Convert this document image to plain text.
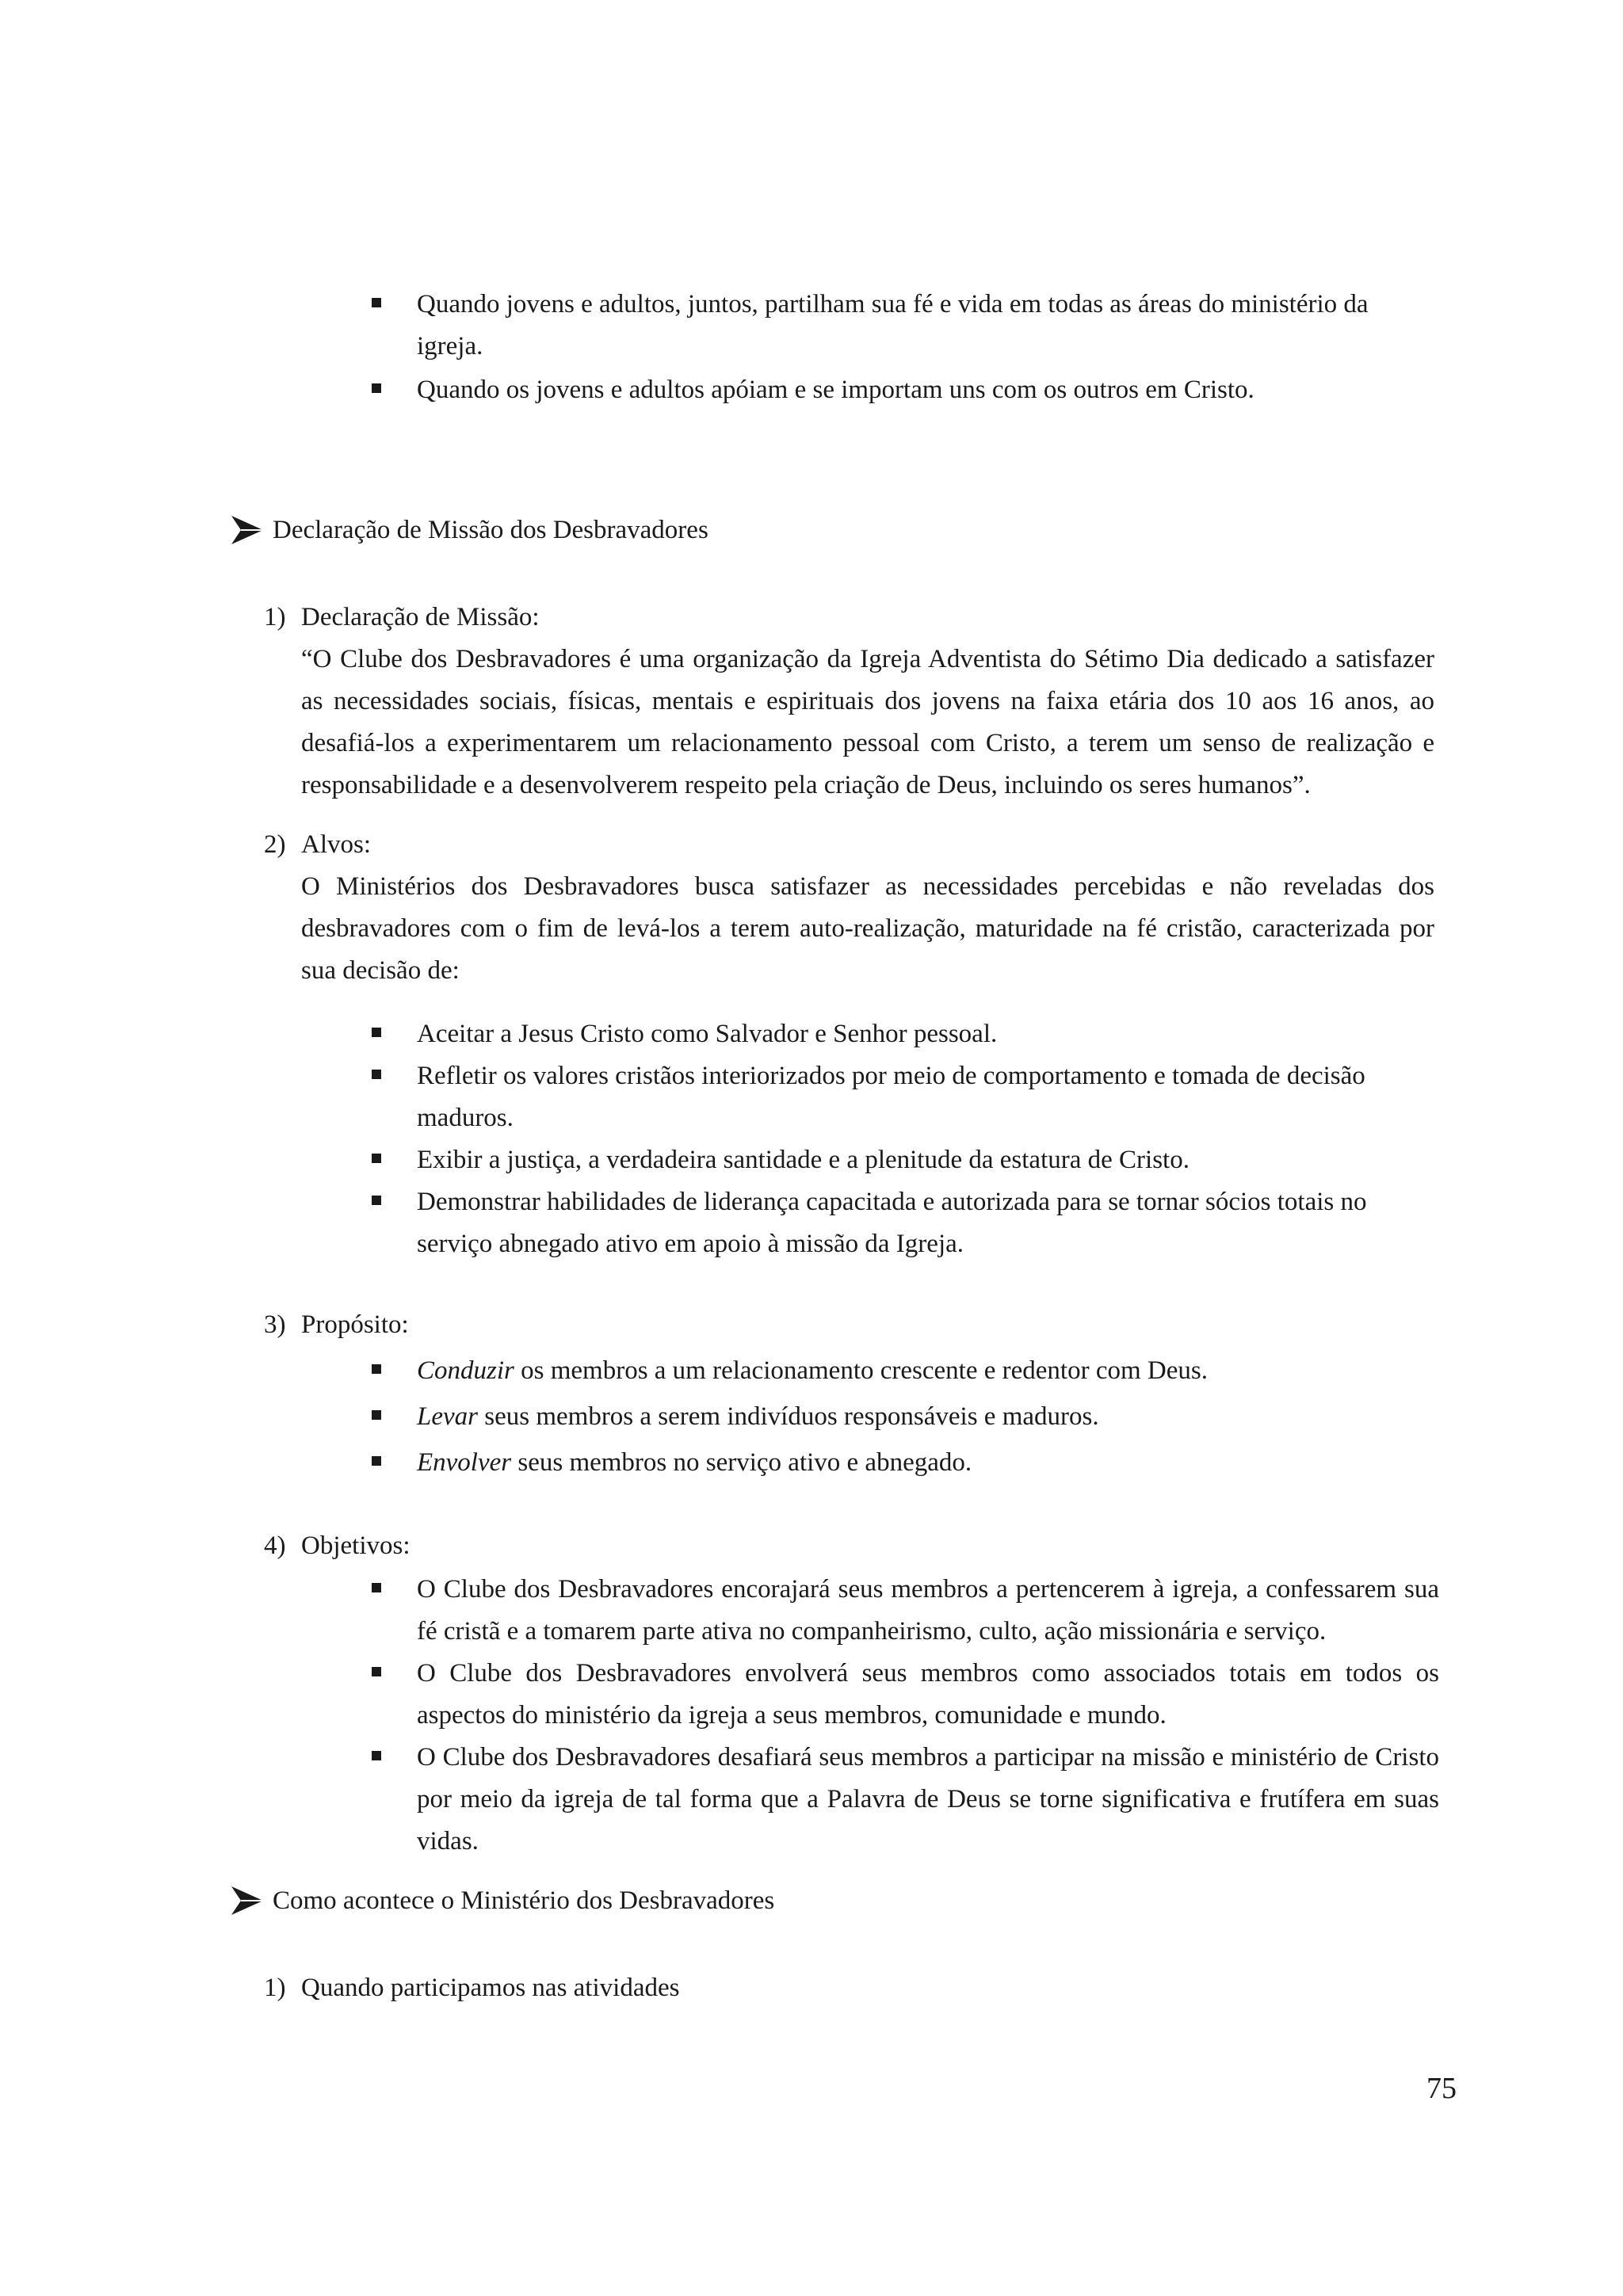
Quando jovens e adultos, juntos, partilham sua fé e vida em todas as áreas do ministério da igreja.
Quando os jovens e adultos apóiam e se importam uns com os outros em Cristo.
Declaração de Missão dos Desbravadores
1) Declaração de Missão:
“O Clube dos Desbravadores é uma organização da Igreja Adventista do Sétimo Dia dedicado a satisfazer as necessidades sociais, físicas, mentais e espirituais dos jovens na faixa etária dos 10 aos 16 anos, ao desafiá-los a experimentarem um relacionamento pessoal com Cristo, a terem um senso de realização e responsabilidade e a desenvolverem respeito pela criação de Deus, incluindo os seres humanos”.
2) Alvos:
O Ministérios dos Desbravadores busca satisfazer as necessidades percebidas e não reveladas dos desbravadores com o fim de levá-los a terem auto-realização, maturidade na fé cristão, caracterizada por sua decisão de:
Aceitar a Jesus Cristo como Salvador e Senhor pessoal.
Refletir os valores cristãos interiorizados por meio de comportamento e tomada de decisão maduros.
Exibir a justiça, a verdadeira santidade e a plenitude da estatura de Cristo.
Demonstrar habilidades de liderança capacitada e autorizada para se tornar sócios totais no serviço abnegado ativo em apoio à missão da Igreja.
3) Propósito:
Conduzir os membros a um relacionamento crescente e redentor com Deus.
Levar seus membros a serem indivíduos responsáveis e maduros.
Envolver seus membros no serviço ativo e abnegado.
4) Objetivos:
O Clube dos Desbravadores encorajará seus membros a pertencerem à igreja, a confessarem sua fé cristã e a tomarem parte ativa no companheirismo, culto, ação missionária e serviço.
O Clube dos Desbravadores envolverá seus membros como associados totais em todos os aspectos do ministério da igreja a seus membros, comunidade e mundo.
O Clube dos Desbravadores desafiará seus membros a participar na missão e ministério de Cristo por meio da igreja de tal forma que a Palavra de Deus se torne significativa e frutífera em suas vidas.
Como acontece o Ministério dos Desbravadores
1) Quando participamos nas atividades
75
